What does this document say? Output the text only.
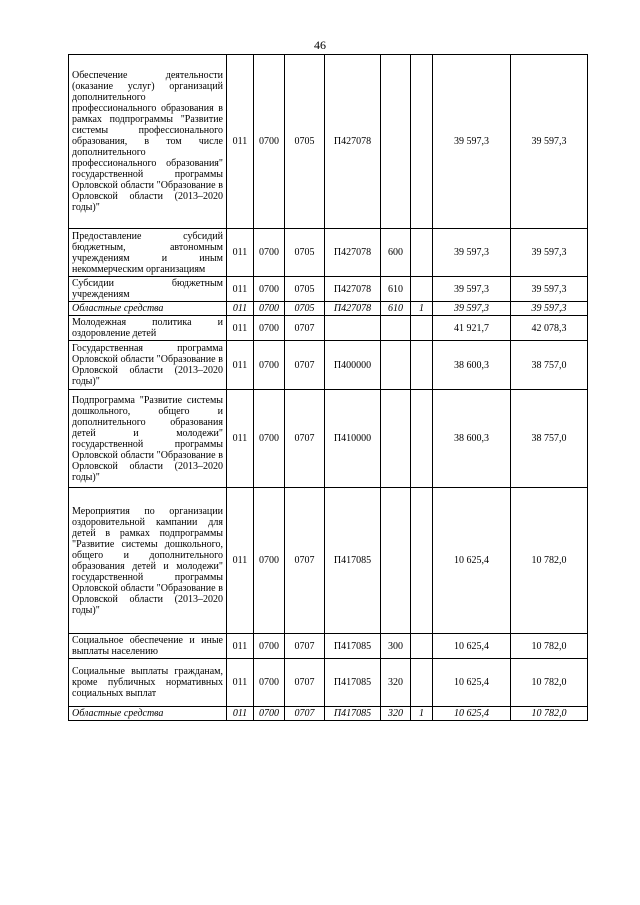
46
Обеспечение деятельности (оказание услуг) организаций дополнительного профессионального образования в рамках подпрограммы "Развитие системы профессионального образования, в том числе дополнительного профессионального образования" государственной программы Орловской области "Образование в Орловской области (2013–2020 годы)"	011	0700	0705	П427078			39 597,3	39 597,3
Предоставление субсидий бюджетным, автономным учреждениям и иным некоммерческим организациям	011	0700	0705	П427078	600		39 597,3	39 597,3
Субсидии бюджетным учреждениям	011	0700	0705	П427078	610		39 597,3	39 597,3
Областные средства	011	0700	0705	П427078	610	1	39 597,3	39 597,3
Молодежная политика и оздоровление детей	011	0700	0707				41 921,7	42 078,3
Государственная программа Орловской области "Образование в Орловской области (2013–2020 годы)"	011	0700	0707	П400000			38 600,3	38 757,0
Подпрограмма "Развитие системы дошкольного, общего и дополнительного образования детей и молодежи" государственной программы Орловской области "Образование в Орловской области (2013–2020 годы)"	011	0700	0707	П410000			38 600,3	38 757,0
Мероприятия по организации оздоровительной кампании для детей в рамках подпрограммы "Развитие системы дошкольного, общего и дополнительного образования детей и молодежи" государственной программы Орловской области "Образование в Орловской области (2013–2020 годы)"	011	0700	0707	П417085			10 625,4	10 782,0
Социальное обеспечение и иные выплаты населению	011	0700	0707	П417085	300		10 625,4	10 782,0
Социальные выплаты гражданам, кроме публичных нормативных социальных выплат	011	0700	0707	П417085	320		10 625,4	10 782,0
Областные средства	011	0700	0707	П417085	320	1	10 625,4	10 782,0
